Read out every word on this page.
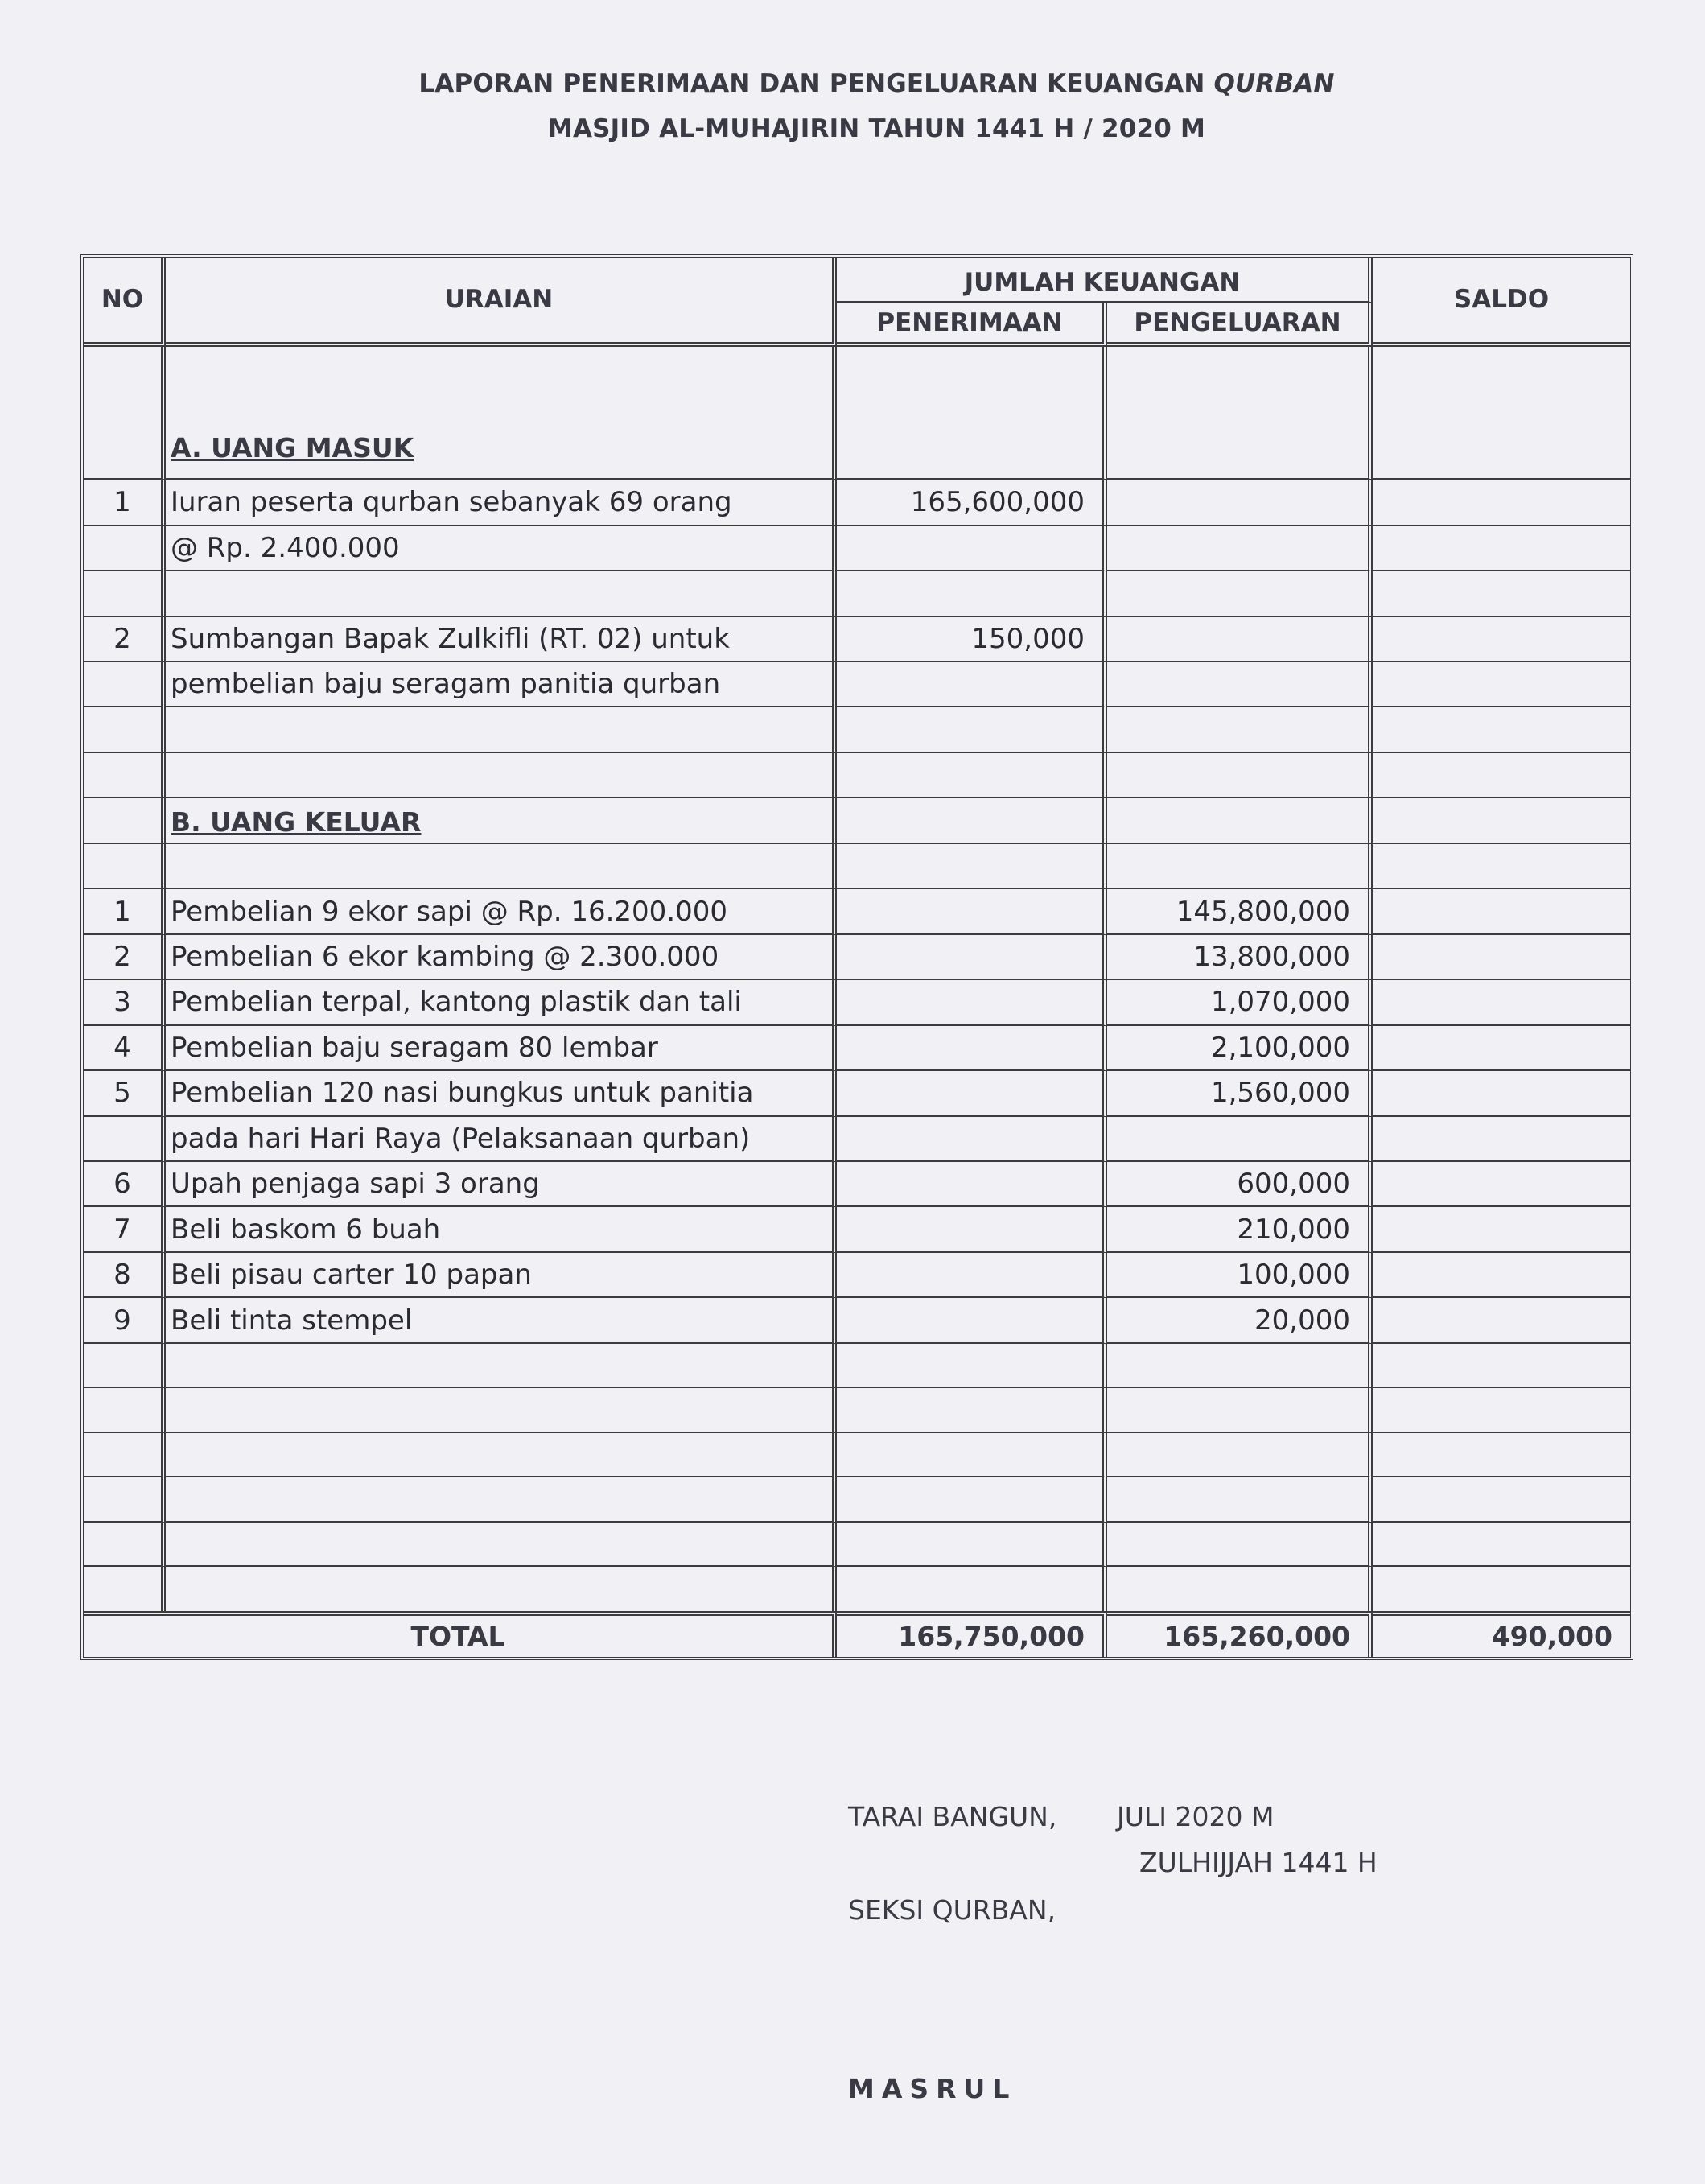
LAPORAN PENERIMAAN DAN PENGELUARAN KEUANGAN QURBAN
MASJID AL-MUHAJIRIN TAHUN 1441 H / 2020 M
NO	URAIAN	JUMLAH KEUANGAN		SALDO
		PENERIMAAN	PENGELUARAN	
	A. UANG MASUK			
1	Iuran peserta qurban sebanyak 69 orang	165,600,000		
	@ Rp. 2.400.000			

2	Sumbangan Bapak Zulkifli (RT. 02) untuk	150,000		
	pembelian baju seragam panitia qurban			

	B. UANG KELUAR			

1	Pembelian 9 ekor sapi @ Rp. 16.200.000		145,800,000	
2	Pembelian 6 ekor kambing @ 2.300.000		13,800,000	
3	Pembelian terpal, kantong plastik dan tali		1,070,000	
4	Pembelian baju seragam 80 lembar		2,100,000	
5	Pembelian 120 nasi bungkus untuk panitia		1,560,000	
	pada hari Hari Raya (Pelaksanaan qurban)			
6	Upah penjaga sapi 3 orang		600,000	
7	Beli baskom 6 buah		210,000	
8	Beli pisau carter 10 papan		100,000	
9	Beli tinta stempel		20,000	

TOTAL		165,750,000	165,260,000	490,000
TARAI BANGUN, JULI 2020 M
ZULHIJJAH 1441 H
SEKSI QURBAN,
MASRUL
